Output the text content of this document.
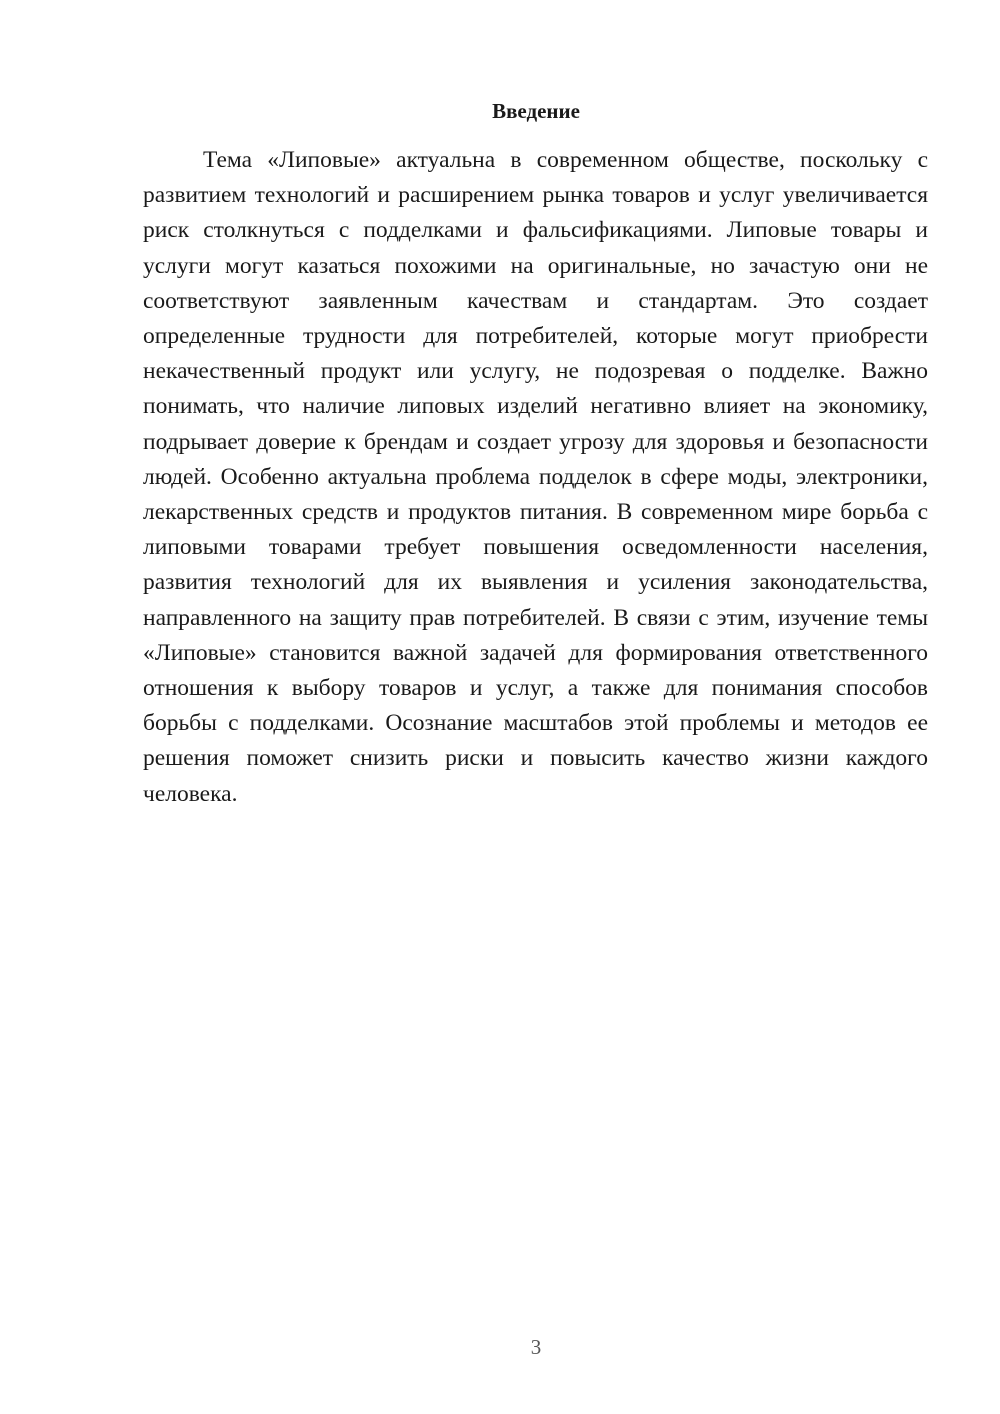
Введение

Тема «Липовые» актуальна в современном обществе, поскольку с развитием технологий и расширением рынка товаров и услуг увеличивается риск столкнуться с подделками и фальсификациями. Липовые товары и услуги могут казаться похожими на оригинальные, но зачастую они не соответствуют заявленным качествам и стандартам. Это создает определенные трудности для потребителей, которые могут приобрести некачественный продукт или услугу, не подозревая о подделке. Важно понимать, что наличие липовых изделий негативно влияет на экономику, подрывает доверие к брендам и создает угрозу для здоровья и безопасности людей. Особенно актуальна проблема подделок в сфере моды, электроники, лекарственных средств и продуктов питания. В современном мире борьба с липовыми товарами требует повышения осведомленности населения, развития технологий для их выявления и усиления законодательства, направленного на защиту прав потребителей. В связи с этим, изучение темы «Липовые» становится важной задачей для формирования ответственного отношения к выбору товаров и услуг, а также для понимания способов борьбы с подделками. Осознание масштабов этой проблемы и методов ее решения поможет снизить риски и повысить качество жизни каждого человека.

3
